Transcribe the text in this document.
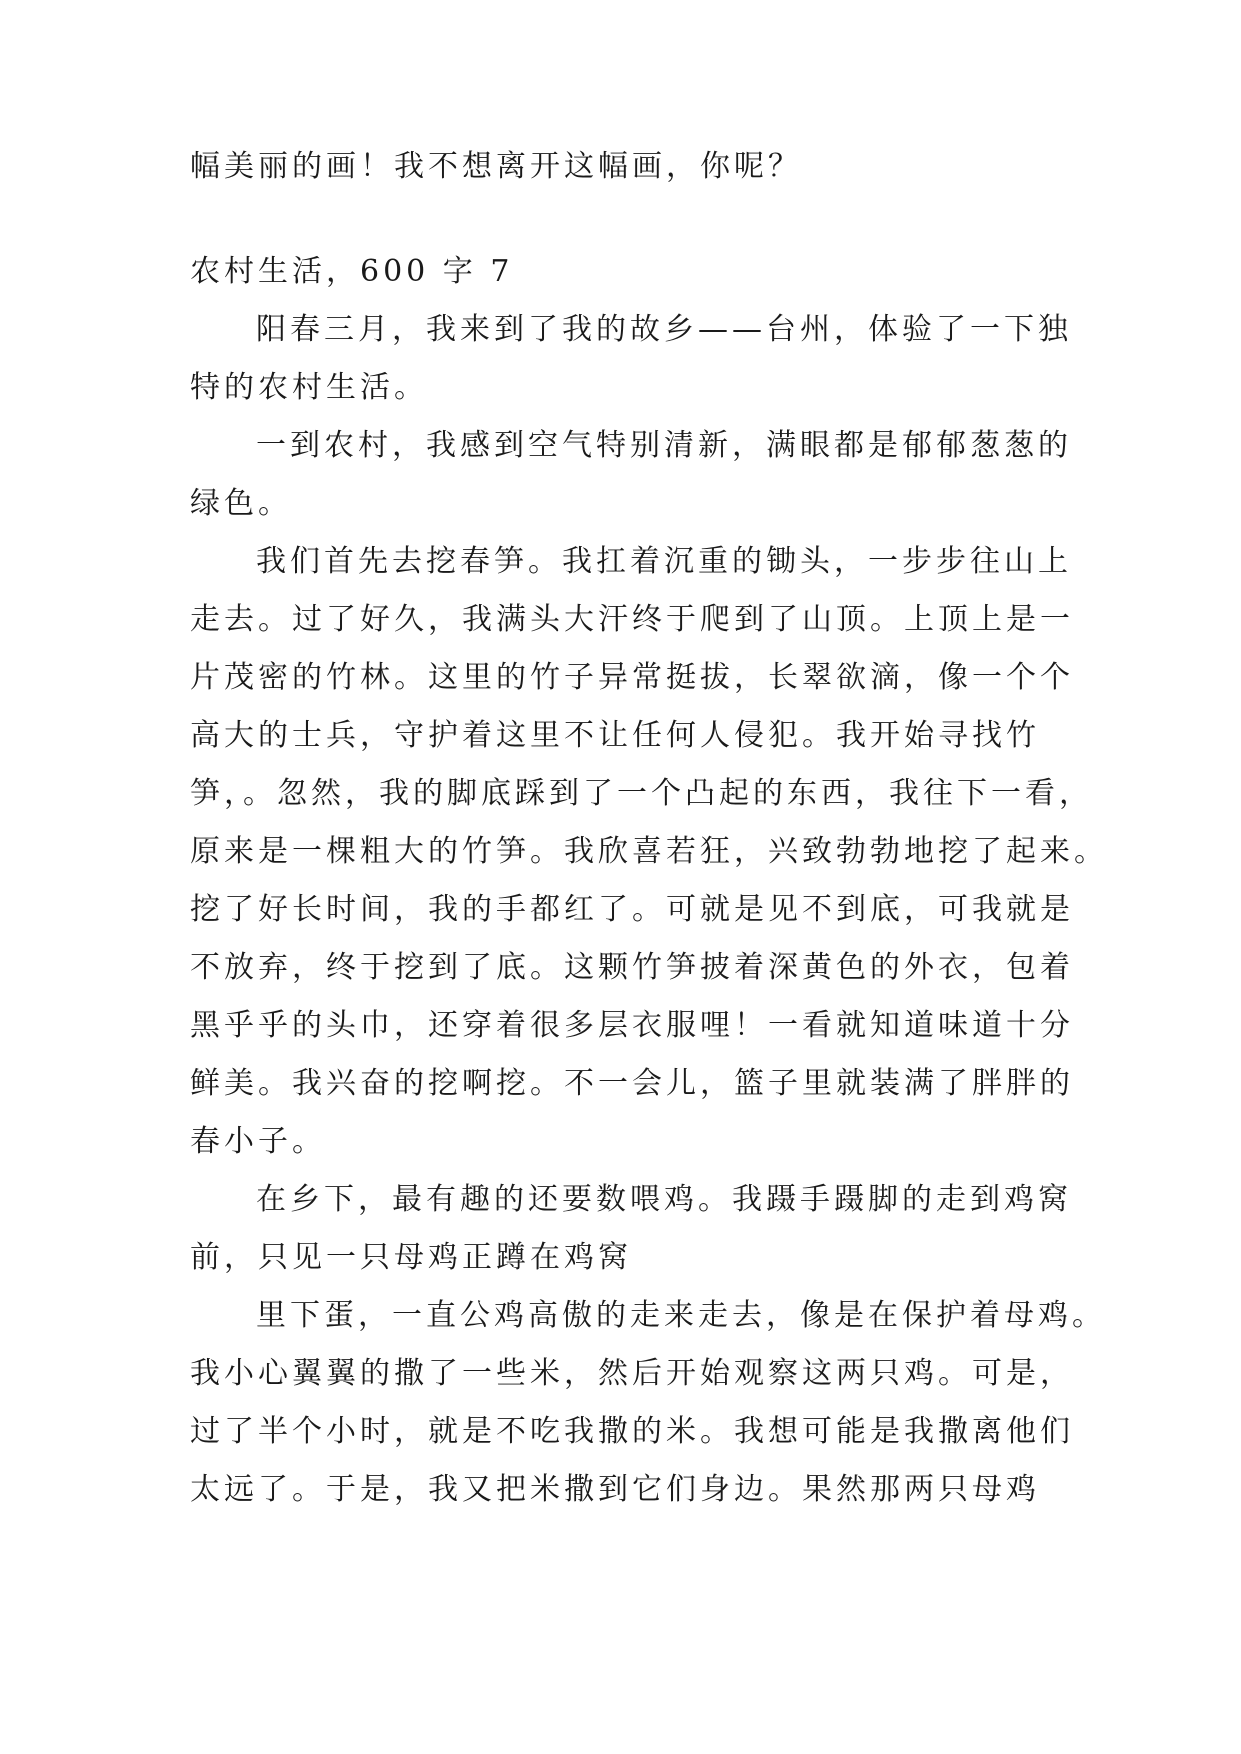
幅美丽的画！我不想离开这幅画，你呢？
农村生活，600 字 7
阳春三月，我来到了我的故乡——台州，体验了一下独
特的农村生活。
一到农村，我感到空气特别清新，满眼都是郁郁葱葱的
绿色。
我们首先去挖春笋。我扛着沉重的锄头，一步步往山上
走去。过了好久，我满头大汗终于爬到了山顶。上顶上是一
片茂密的竹林。这里的竹子异常挺拔，长翠欲滴，像一个个
高大的士兵，守护着这里不让任何人侵犯。我开始寻找竹
笋，。忽然，我的脚底踩到了一个凸起的东西，我往下一看，
原来是一棵粗大的竹笋。我欣喜若狂，兴致勃勃地挖了起来。
挖了好长时间，我的手都红了。可就是见不到底，可我就是
不放弃，终于挖到了底。这颗竹笋披着深黄色的外衣，包着
黑乎乎的头巾，还穿着很多层衣服哩！一看就知道味道十分
鲜美。我兴奋的挖啊挖。不一会儿，篮子里就装满了胖胖的
春小子。
在乡下，最有趣的还要数喂鸡。我蹑手蹑脚的走到鸡窝
前，只见一只母鸡正蹲在鸡窝
里下蛋，一直公鸡高傲的走来走去，像是在保护着母鸡。
我小心翼翼的撒了一些米，然后开始观察这两只鸡。可是，
过了半个小时，就是不吃我撒的米。我想可能是我撒离他们
太远了。于是，我又把米撒到它们身边。果然那两只母鸡
